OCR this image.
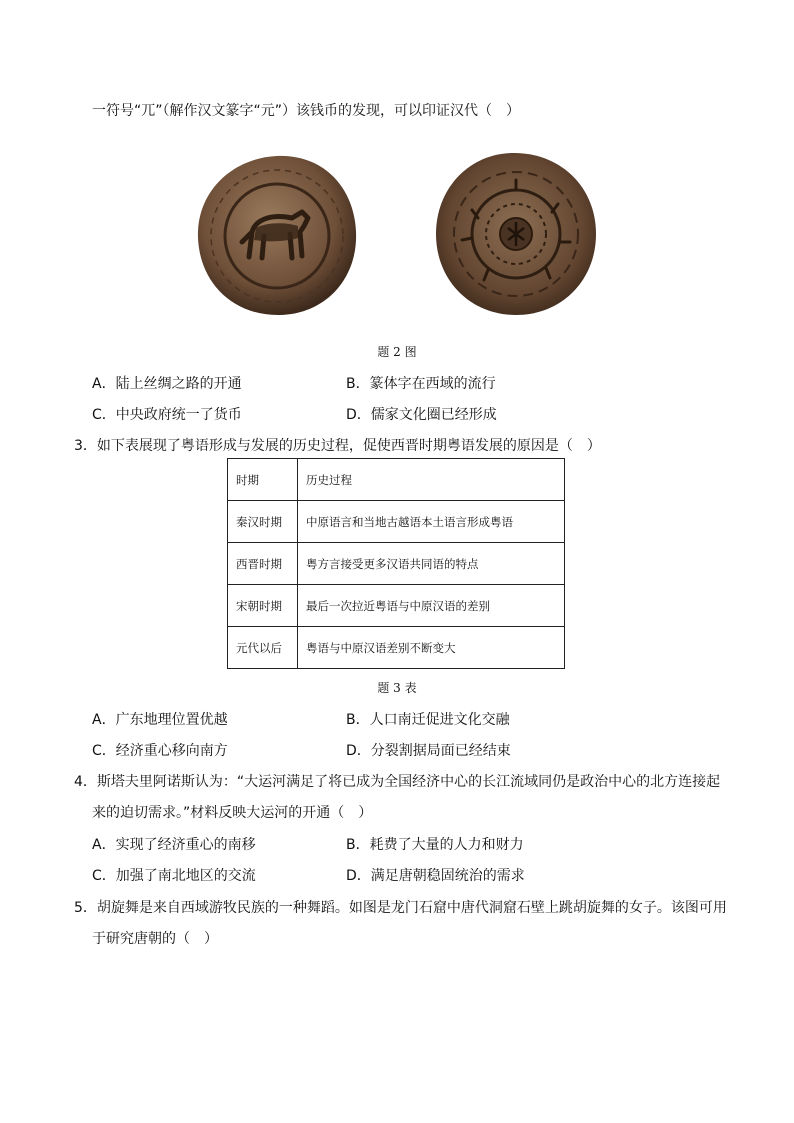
一符号“兀”（解作汉文篆字“元”）该钱币的发现，可以印证汉代（　）
题 2 图
A．陆上丝绸之路的开通	B．篆体字在西域的流行
C．中央政府统一了货币	D．儒家文化圈已经形成
3．如下表展现了粤语形成与发展的历史过程，促使西晋时期粤语发展的原因是（　）
时期	历史过程
秦汉时期	中原语言和当地古越语本土语言形成粤语
西晋时期	粤方言接受更多汉语共同语的特点
宋朝时期	最后一次拉近粤语与中原汉语的差别
元代以后	粤语与中原汉语差别不断变大
题 3 表
A．广东地理位置优越	B．人口南迁促进文化交融
C．经济重心移向南方	D．分裂割据局面已经结束
4．斯塔夫里阿诺斯认为：“大运河满足了将已成为全国经济中心的长江流域同仍是政治中心的北方连接起
来的迫切需求。”材料反映大运河的开通（　）
A．实现了经济重心的南移	B．耗费了大量的人力和财力
C．加强了南北地区的交流	D．满足唐朝稳固统治的需求
5．胡旋舞是来自西域游牧民族的一种舞蹈。如图是龙门石窟中唐代洞窟石壁上跳胡旋舞的女子。该图可用
于研究唐朝的（　）
